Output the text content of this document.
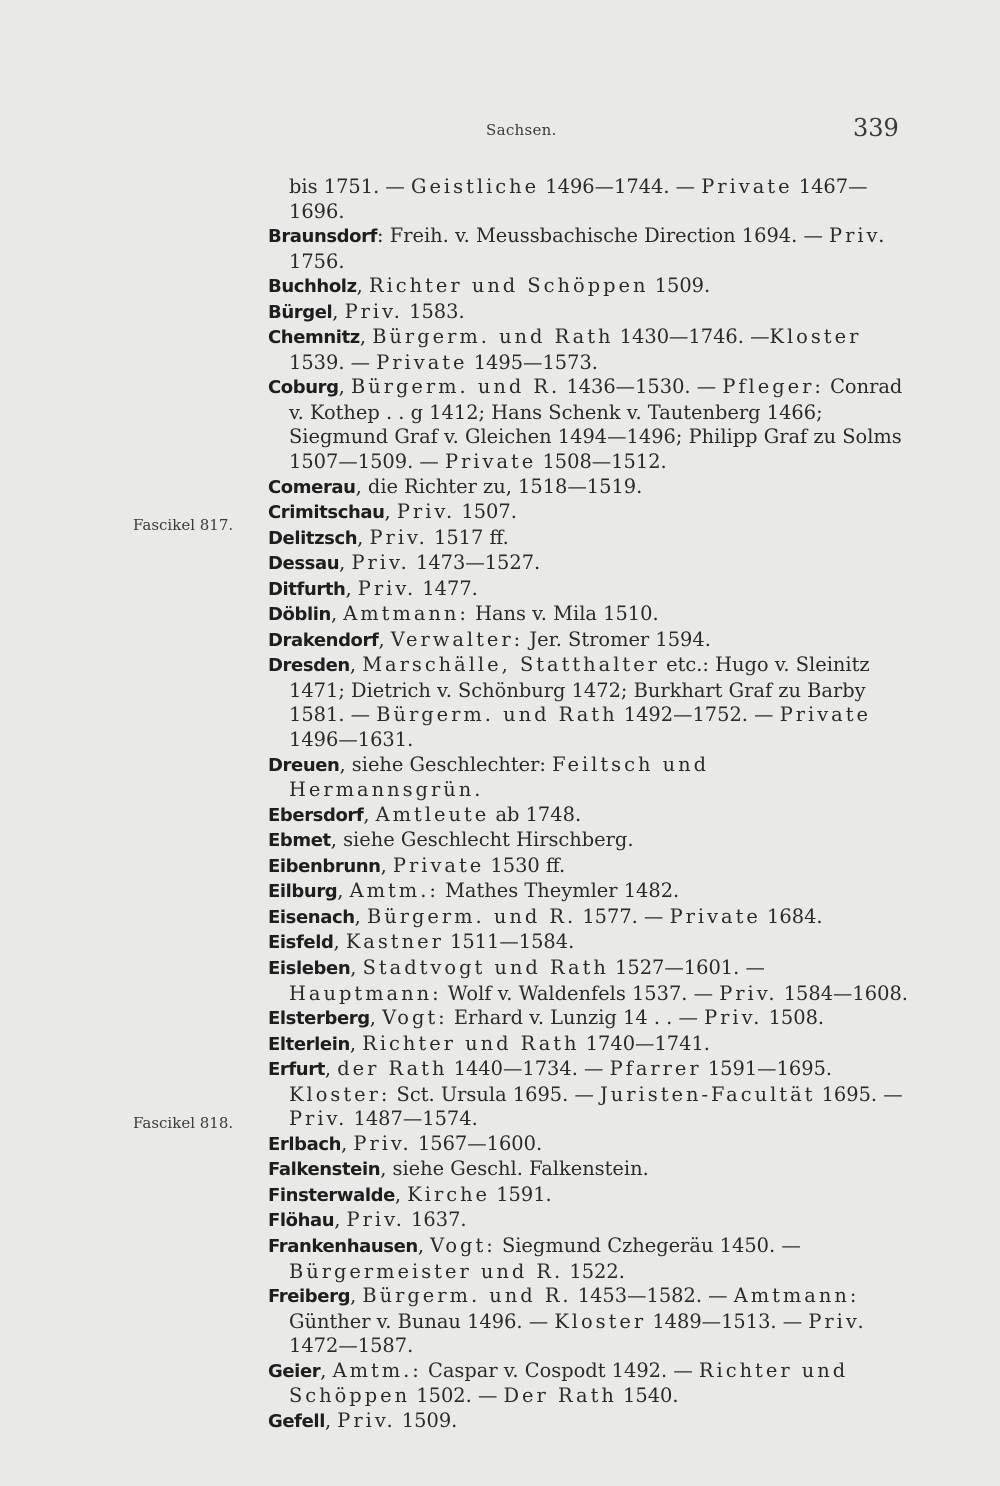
Sachsen.	339
Fascikel 817.
Fascikel 818.
bis 1751. — Geistliche 1496—1744. — Private 1467—1696.
Braunsdorf: Freih. v. Meussbachische Direction 1694. — Priv. 1756.
Buchholz, Richter und Schöppen 1509.
Bürgel, Priv. 1583.
Chemnitz, Bürgerm. und Rath 1430—1746. —Kloster 1539. — Private 1495—1573.
Coburg, Bürgerm. und R. 1436—1530. — Pfleger: Conrad v. Kothep . . g 1412; Hans Schenk v. Tautenberg 1466; Siegmund Graf v. Gleichen 1494—1496; Philipp Graf zu Solms 1507—1509. — Private 1508—1512.
Comerau, die Richter zu, 1518—1519.
Crimitschau, Priv. 1507.
Delitzsch, Priv. 1517 ff.
Dessau, Priv. 1473—1527.
Ditfurth, Priv. 1477.
Döblin, Amtmann: Hans v. Mila 1510.
Drakendorf, Verwalter: Jer. Stromer 1594.
Dresden, Marschälle, Statthalter etc.: Hugo v. Sleinitz 1471; Dietrich v. Schönburg 1472; Burkhart Graf zu Barby 1581. — Bürgerm. und Rath 1492—1752. — Private 1496—1631.
Dreuen, siehe Geschlechter: Feiltsch und Hermannsgrün.
Ebersdorf, Amtleute ab 1748.
Ebmet, siehe Geschlecht Hirschberg.
Eibenbrunn, Private 1530 ff.
Eilburg, Amtm.: Mathes Theymler 1482.
Eisenach, Bürgerm. und R. 1577. — Private 1684.
Eisfeld, Kastner 1511—1584.
Eisleben, Stadtvogt und Rath 1527—1601. — Hauptmann: Wolf v. Waldenfels 1537. — Priv. 1584—1608.
Elsterberg, Vogt: Erhard v. Lunzig 14 . . — Priv. 1508.
Elterlein, Richter und Rath 1740—1741.
Erfurt, der Rath 1440—1734. — Pfarrer 1591—1695. Kloster: Sct. Ursula 1695. — Juristen-Facultät 1695. — Priv. 1487—1574.
Erlbach, Priv. 1567—1600.
Falkenstein, siehe Geschl. Falkenstein.
Finsterwalde, Kirche 1591.
Flöhau, Priv. 1637.
Frankenhausen, Vogt: Siegmund Czhegeräu 1450. — Bürgermeister und R. 1522.
Freiberg, Bürgerm. und R. 1453—1582. — Amtmann: Günther v. Bunau 1496. — Kloster 1489—1513. — Priv. 1472—1587.
Geier, Amtm.: Caspar v. Cospodt 1492. — Richter und Schöppen 1502. — Der Rath 1540.
Gefell, Priv. 1509.
